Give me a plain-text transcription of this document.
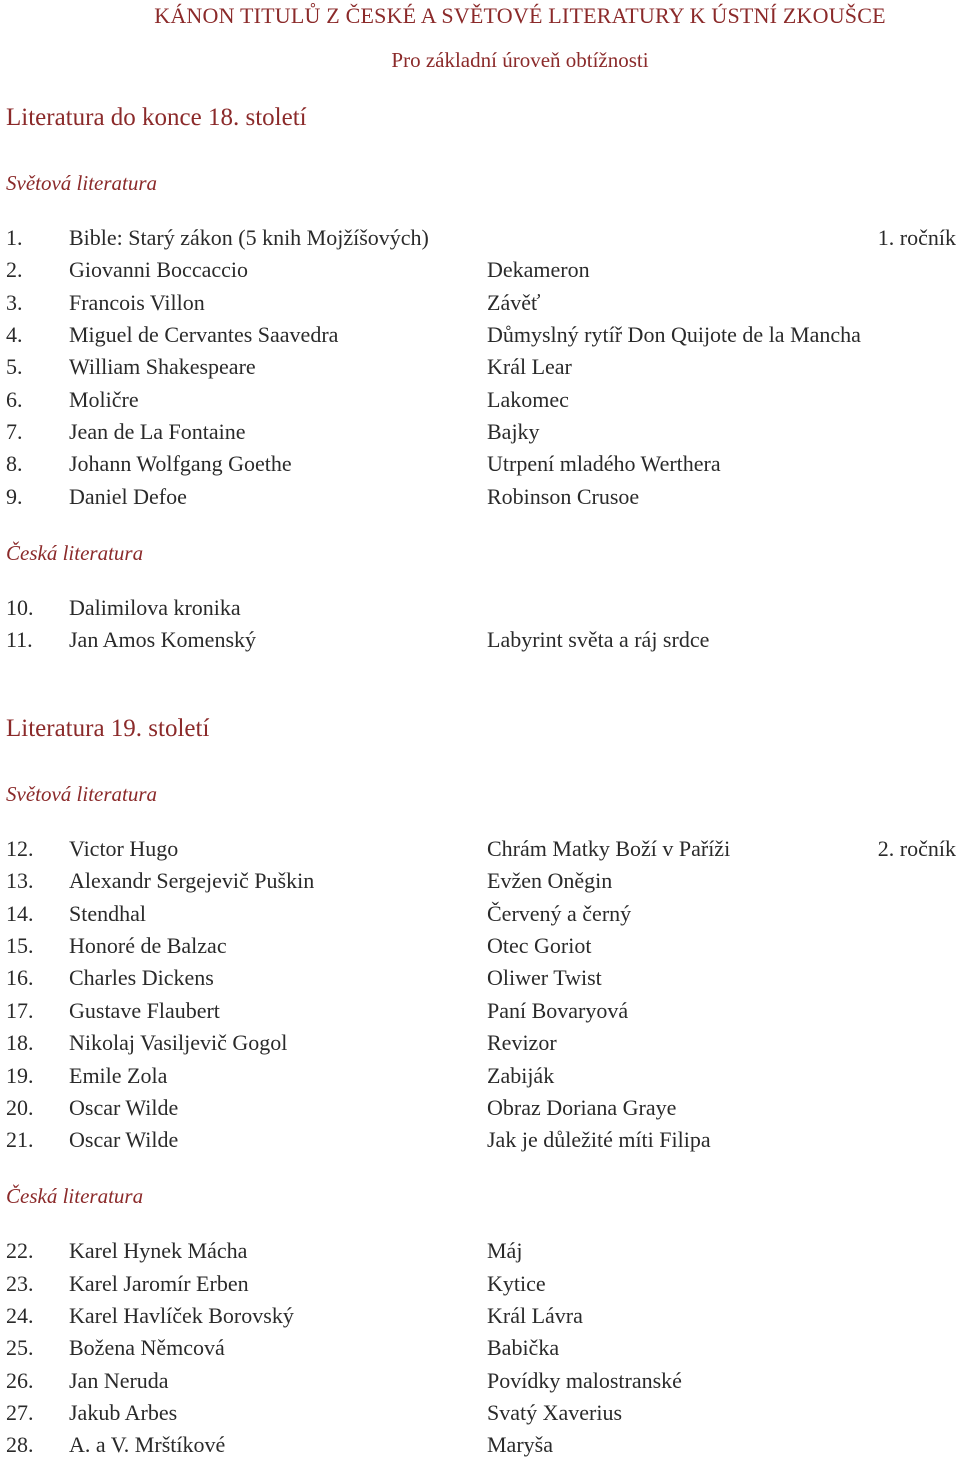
KÁNON TITULŮ Z ČESKÉ A SVĚTOVÉ LITERATURY K ÚSTNÍ ZKOUŠCE
Pro základní úroveň obtížnosti
Literatura do konce 18. století
Světová literatura
1. Bible: Starý zákon (5 knih Mojžíšových)	1. ročník
2. Giovanni Boccaccio	Dekameron
3. Francois Villon	Závěť
4. Miguel de Cervantes Saavedra	Důmyslný rytíř Don Quijote de la Mancha
5. William Shakespeare	Král Lear
6. Moličre	Lakomec
7. Jean de La Fontaine	Bajky
8. Johann Wolfgang Goethe	Utrpení mladého Werthera
9. Daniel Defoe	Robinson Crusoe
Česká literatura
10. Dalimilova kronika
11. Jan Amos Komenský	Labyrint světa a ráj srdce
Literatura 19. století
Světová literatura
12. Victor Hugo	Chrám Matky Boží v Paříži	2. ročník
13. Alexandr Sergejevič Puškin	Evžen Oněgin
14. Stendhal	Červený a černý
15. Honoré de Balzac	Otec Goriot
16. Charles Dickens	Oliwer Twist
17. Gustave Flaubert	Paní Bovaryová
18. Nikolaj Vasiljevič Gogol	Revizor
19. Emile Zola	Zabiják
20. Oscar Wilde	Obraz Doriana Graye
21. Oscar Wilde	Jak je důležité míti Filipa
Česká literatura
22. Karel Hynek Mácha	Máj
23. Karel Jaromír Erben	Kytice
24. Karel Havlíček Borovský	Král Lávra
25. Božena Němcová	Babička
26. Jan Neruda	Povídky malostranské
27. Jakub Arbes	Svatý Xaverius
28. A. a V. Mrštíkové	Maryša
